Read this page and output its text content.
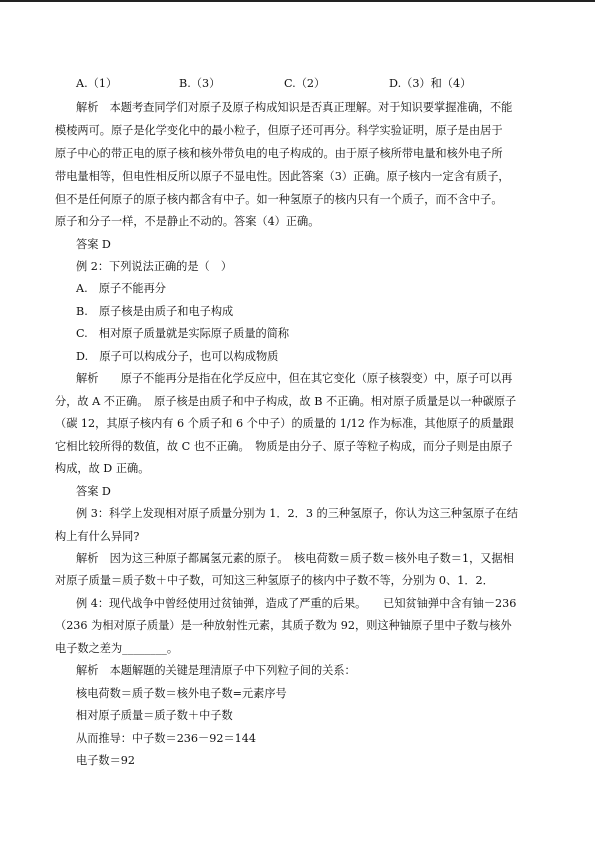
A.（1）	B.（3）	C.（2）	D.（3）和（4）
解析　本题考查同学们对原子及原子构成知识是否真正理解。对于知识要掌握准确，不能
模棱两可。原子是化学变化中的最小粒子，但原子还可再分。科学实验证明，原子是由居于
原子中心的带正电的原子核和核外带负电的电子构成的。由于原子核所带电量和核外电子所
带电量相等，但电性相反所以原子不显电性。因此答案（3）正确。原子核内一定含有质子，
但不是任何原子的原子核内都含有中子。如一种氢原子的核内只有一个质子，而不含中子。
原子和分子一样，不是静止不动的。答案（4）正确。
答案 D
例 2：下列说法正确的是（　）
A.　原子不能再分
B.　原子核是由质子和电子构成
C.　相对原子质量就是实际原子质量的简称
D.　原子可以构成分子，也可以构成物质
解析　　原子不能再分是指在化学反应中，但在其它变化（原子核裂变）中，原子可以再
分，故 A 不正确。　原子核是由质子和中子构成，故 B 不正确。相对原子质量是以一种碳原子
（碳 12，其原子核内有 6 个质子和 6 个中子）的质量的 1/12 作为标准，其他原子的质量跟
它相比较所得的数值，故 C 也不正确。　物质是由分子、原子等粒子构成，而分子则是由原子
构成，故 D 正确。
答案 D
例 3：科学上发现相对原子质量分别为 1．2．3 的三种氢原子，你认为这三种氢原子在结
构上有什么异同?
解析　因为这三种原子都属氢元素的原子。　核电荷数＝质子数＝核外电子数＝1，又据相
对原子质量＝质子数＋中子数，可知这三种氢原子的核内中子数不等，分别为 0、1．2．
例 4：现代战争中曾经使用过贫铀弹，造成了严重的后果。　　已知贫铀弹中含有铀－236
（236 为相对原子质量）是一种放射性元素，其质子数为 92，则这种铀原子里中子数与核外
电子数之差为________。
解析　本题解题的关键是理清原子中下列粒子间的关系：
核电荷数＝质子数＝核外电子数=元素序号
相对原子质量＝质子数＋中子数
从而推导：中子数＝236－92＝144
电子数＝92
